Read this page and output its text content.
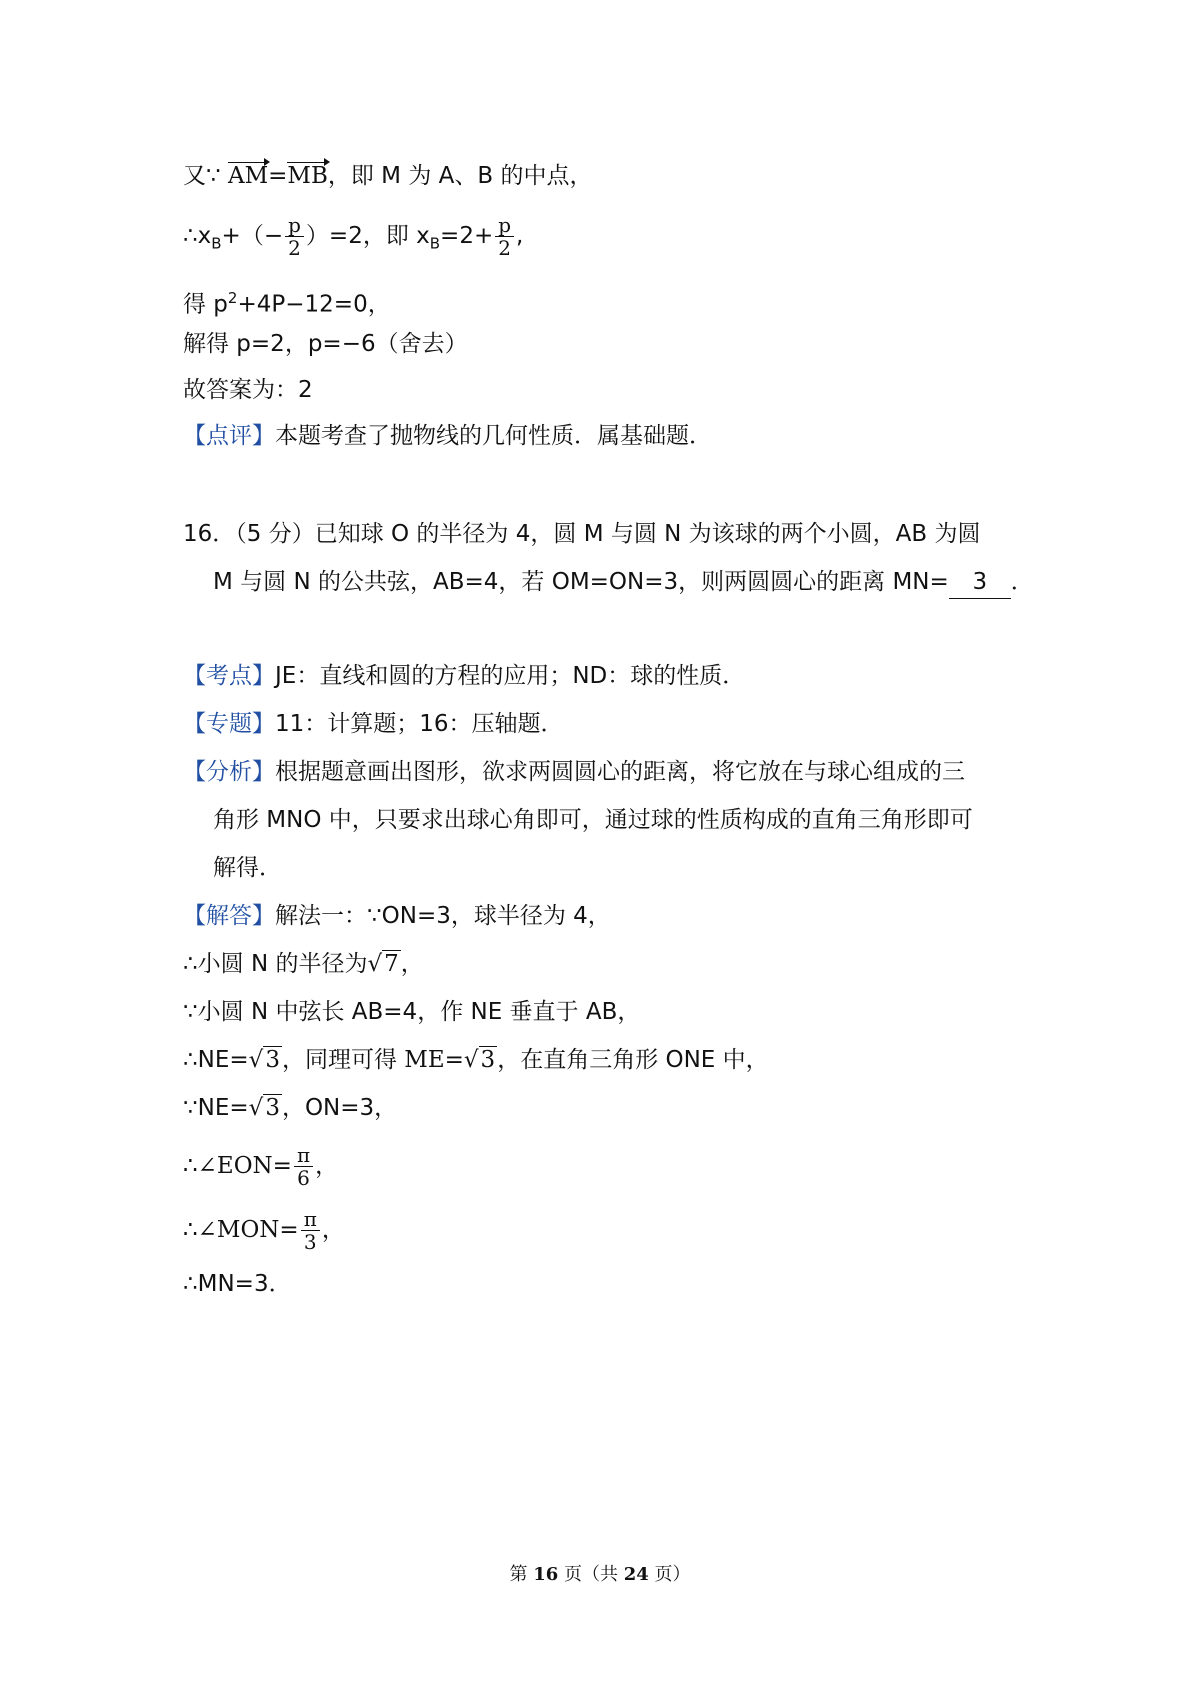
又∵ AM=MB，即 M 为 A、B 的中点，
$\therefore x_B+(- \frac{p}{2} )=2$，即 $x_B=2+ \frac{p}{2}$ ,
得 $p^2+4P-12=0$，
解得 p=2，p=−6（舍去）
故答案为：2
【点评】本题考查了抛物线的几何性质．属基础题．
16．（5 分）已知球 O 的半径为 4，圆 M 与圆 N 为该球的两个小圆，AB 为圆
M 与圆 N 的公共弦，AB=4，若 OM=ON=3，则两圆圆心的距离 MN= 3 ．
【考点】JE：直线和圆的方程的应用；ND：球的性质．
【专题】11：计算题；16：压轴题．
【分析】根据题意画出图形，欲求两圆圆心的距离，将它放在与球心组成的三
角形 MNO 中，只要求出球心角即可，通过球的性质构成的直角三角形即可
解得．
【解答】解法一：∵ON=3，球半径为 4，
∴小圆 N 的半径为√7，
∵小圆 N 中弦长 AB=4，作 NE 垂直于 AB，
∴NE=√3，同理可得 ME=√3，在直角三角形 ONE 中，
∵NE=√3，ON=3，
∴∠EON= $\frac{\pi}{6}$ ，
∴∠MON= $\frac{\pi}{3}$ ，
∴MN=3．
第 16 页（共 24 页）
